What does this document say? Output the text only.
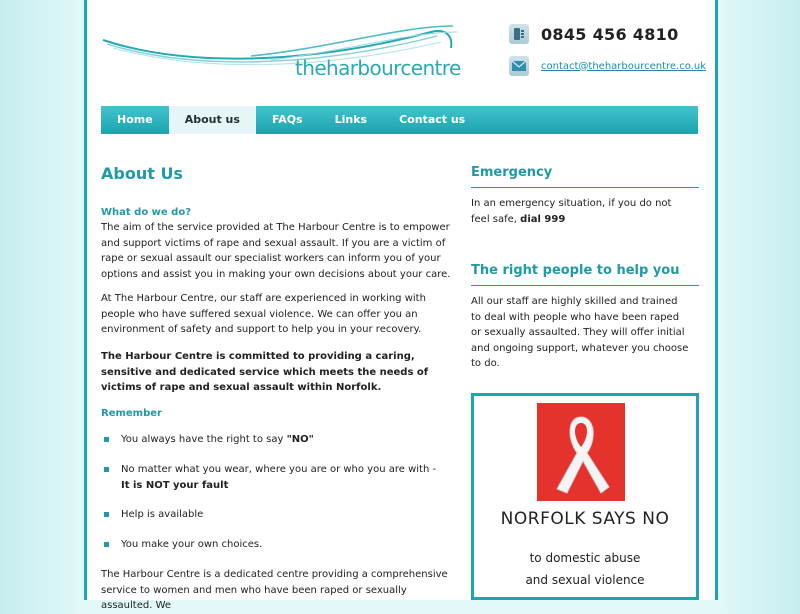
theharbourcentre
0845 456 4810
contact@theharbourcentre.co.uk
Home	About us	FAQs	Links	Contact us
About Us
What do we do?
The aim of the service provided at The Harbour Centre is to empower and support victims of rape and sexual assault. If you are a victim of rape or sexual assault our specialist workers can inform you of your options and assist you in making your own decisions about your care.
At The Harbour Centre, our staff are experienced in working with people who have suffered sexual violence. We can offer you an environment of safety and support to help you in your recovery.
The Harbour Centre is committed to providing a caring, sensitive and dedicated service which meets the needs of victims of rape and sexual assault within Norfolk.
Remember
You always have the right to say "NO"
No matter what you wear, where you are or who you are with -
It is NOT your fault
Help is available
You make your own choices.
The Harbour Centre is a dedicated centre providing a comprehensive service to women and men who have been raped or sexually assaulted. We
Emergency
In an emergency situation, if you do not feel safe, dial 999
The right people to help you
All our staff are highly skilled and trained to deal with people who have been raped or sexually assaulted. They will offer initial and ongoing support, whatever you choose to do.
NORFOLK SAYS NO
to domestic abuse
and sexual violence
